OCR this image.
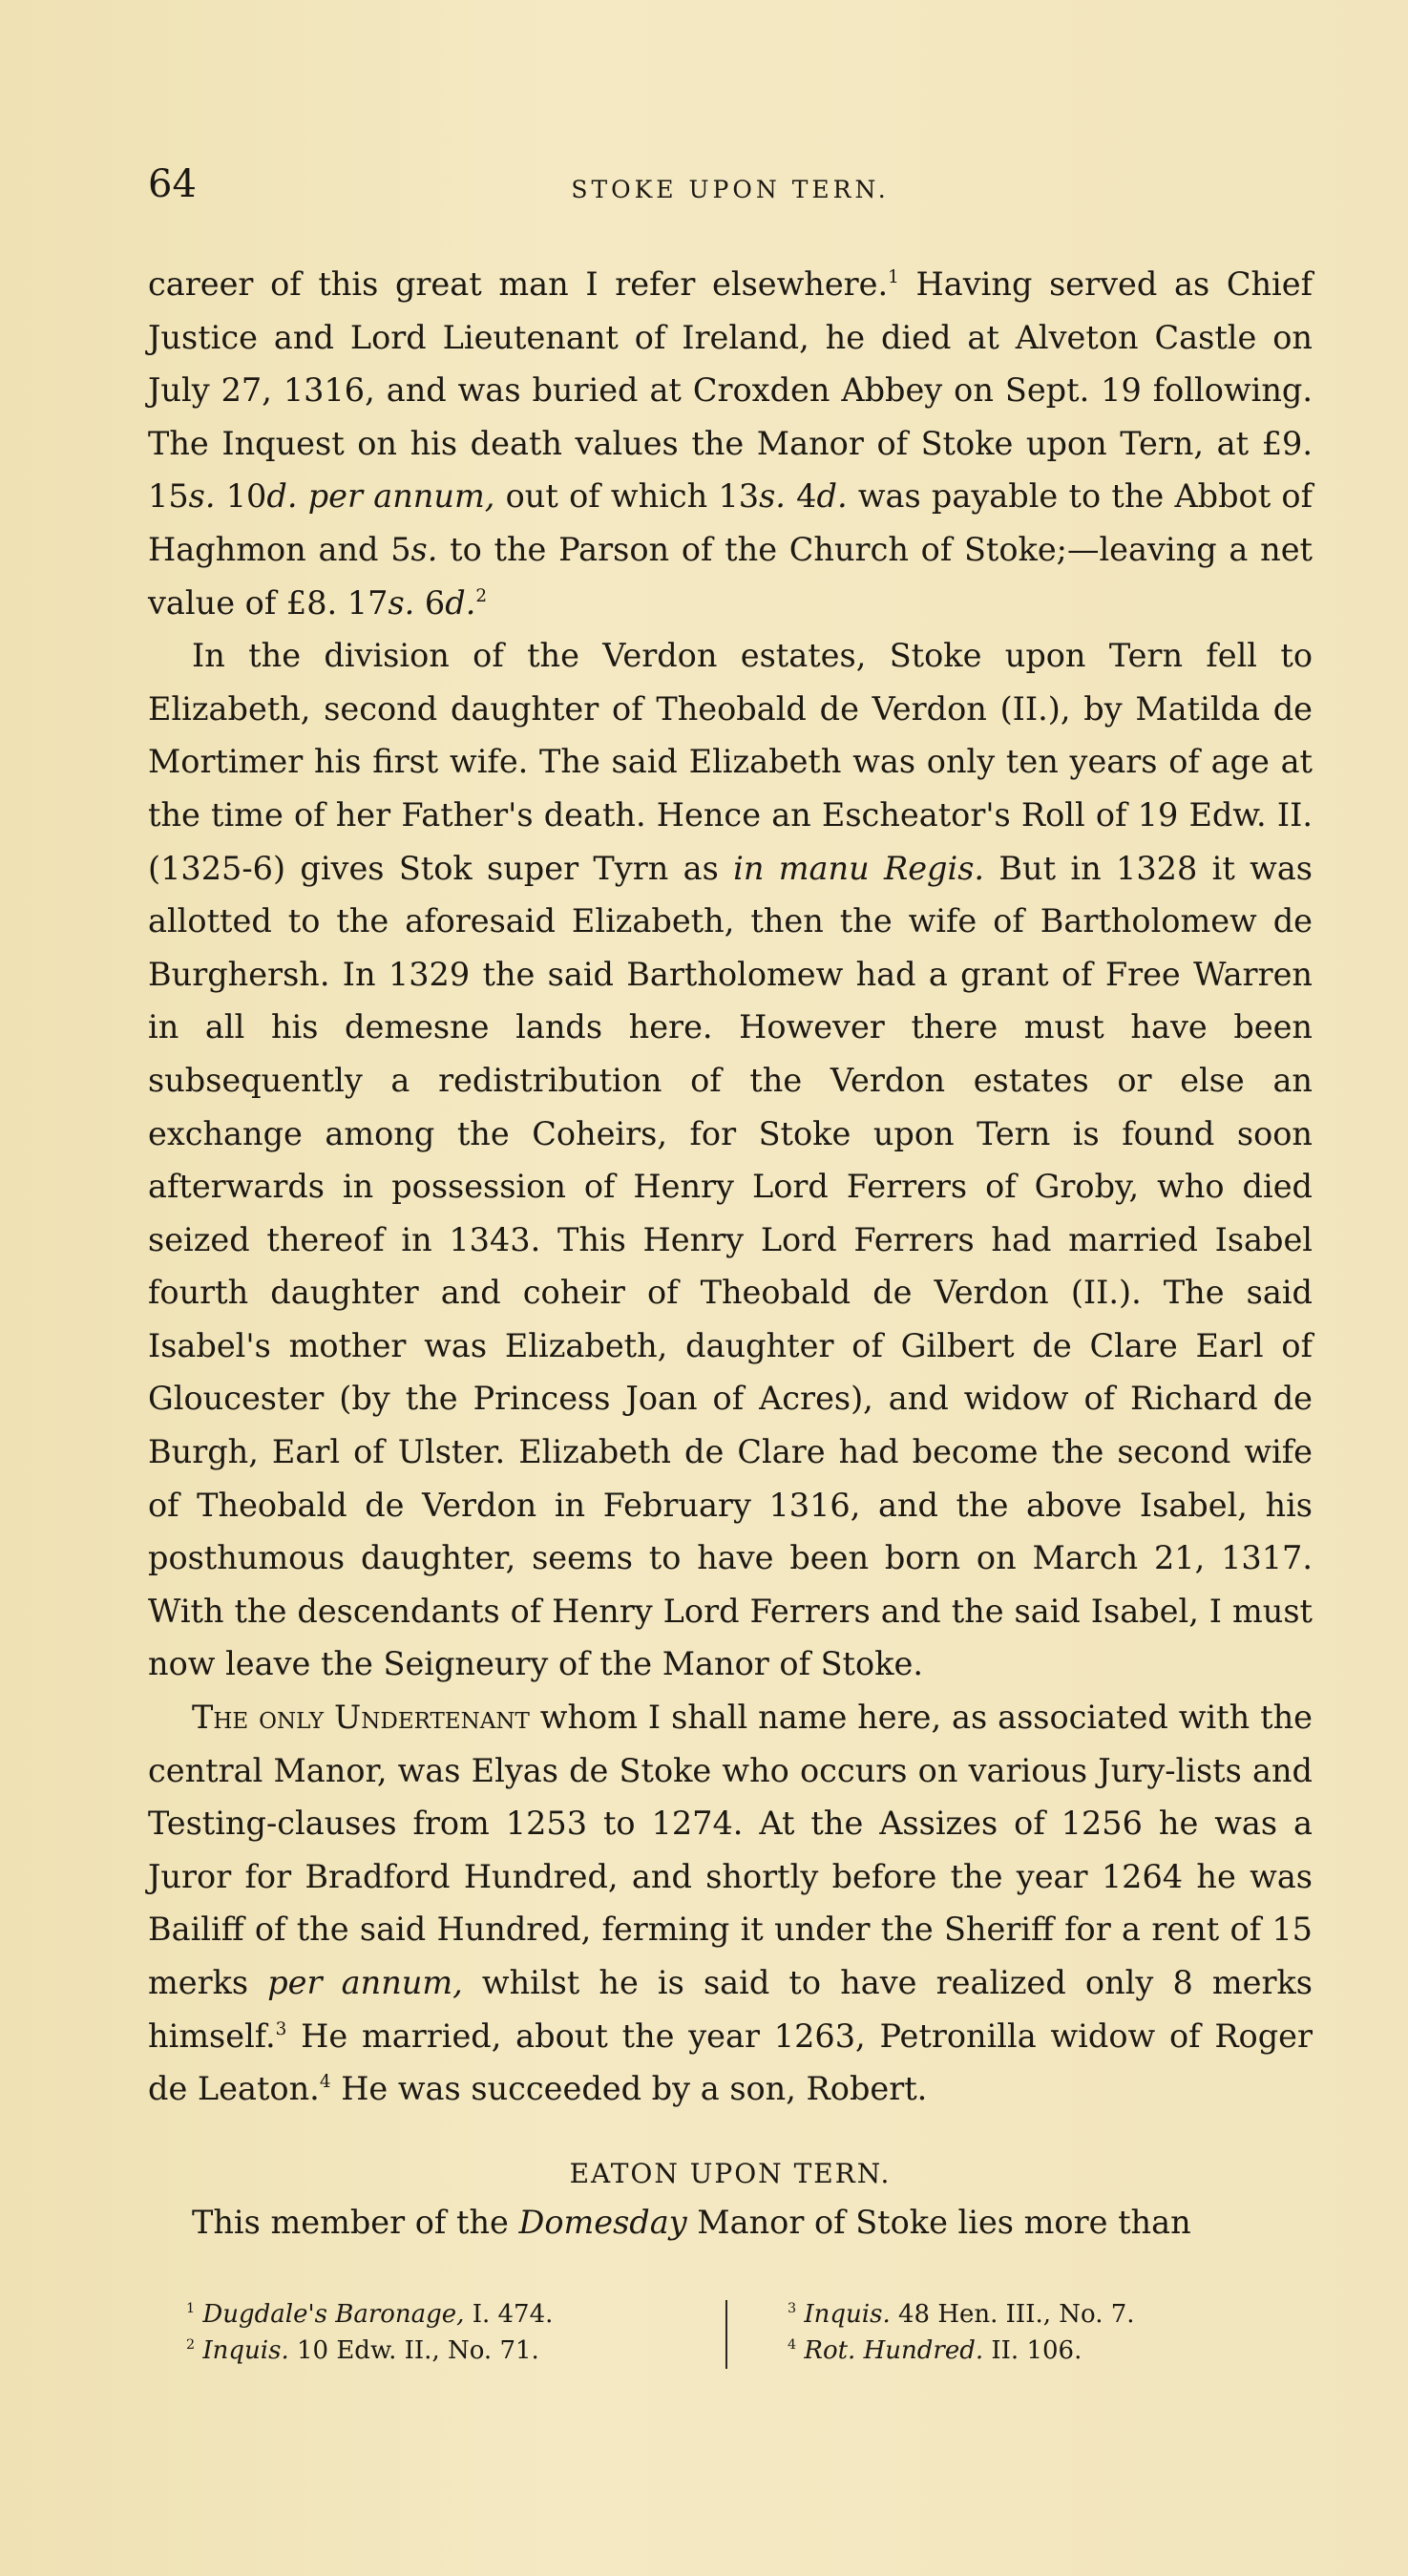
64	STOKE UPON TERN.

career of this great man I refer elsewhere.$^1$ Having served as Chief Justice and Lord Lieutenant of Ireland, he died at Alveton Castle on July 27, 1316, and was buried at Croxden Abbey on Sept. 19 following. The Inquest on his death values the Manor of Stoke upon Tern, at £9. 15s. 10d. per annum, out of which 13s. 4d. was payable to the Abbot of Haghmon and 5s. to the Parson of the Church of Stoke;—leaving a net value of £8. 17s. 6d.$^2$

In the division of the Verdon estates, Stoke upon Tern fell to Elizabeth, second daughter of Theobald de Verdon (II.), by Matilda de Mortimer his first wife. The said Elizabeth was only ten years of age at the time of her Father's death. Hence an Escheator's Roll of 19 Edw. II. (1325-6) gives Stok super Tyrn as in manu Regis. But in 1328 it was allotted to the aforesaid Elizabeth, then the wife of Bartholomew de Burghersh. In 1329 the said Bartholomew had a grant of Free Warren in all his demesne lands here. However there must have been subsequently a redistribution of the Verdon estates or else an exchange among the Coheirs, for Stoke upon Tern is found soon afterwards in possession of Henry Lord Ferrers of Groby, who died seized thereof in 1343. This Henry Lord Ferrers had married Isabel fourth daughter and coheir of Theobald de Verdon (II.). The said Isabel's mother was Elizabeth, daughter of Gilbert de Clare Earl of Gloucester (by the Princess Joan of Acres), and widow of Richard de Burgh, Earl of Ulster. Elizabeth de Clare had become the second wife of Theobald de Verdon in February 1316, and the above Isabel, his posthumous daughter, seems to have been born on March 21, 1317. With the descendants of Henry Lord Ferrers and the said Isabel, I must now leave the Seigneury of the Manor of Stoke.

The only Undertenant whom I shall name here, as associated with the central Manor, was Elyas de Stoke who occurs on various Jury-lists and Testing-clauses from 1253 to 1274. At the Assizes of 1256 he was a Juror for Bradford Hundred, and shortly before the year 1264 he was Bailiff of the said Hundred, ferming it under the Sheriff for a rent of 15 merks per annum, whilst he is said to have realized only 8 merks himself.$^3$ He married, about the year 1263, Petronilla widow of Roger de Leaton.$^4$ He was succeeded by a son, Robert.

EATON UPON TERN.

This member of the Domesday Manor of Stoke lies more than

$^1$ Dugdale's Baronage, I. 474.

$^2$ Inquis. 10 Edw. II., No. 71.

$^3$ Inquis. 48 Hen. III., No. 7.

$^4$ Rot. Hundred. II. 106.
